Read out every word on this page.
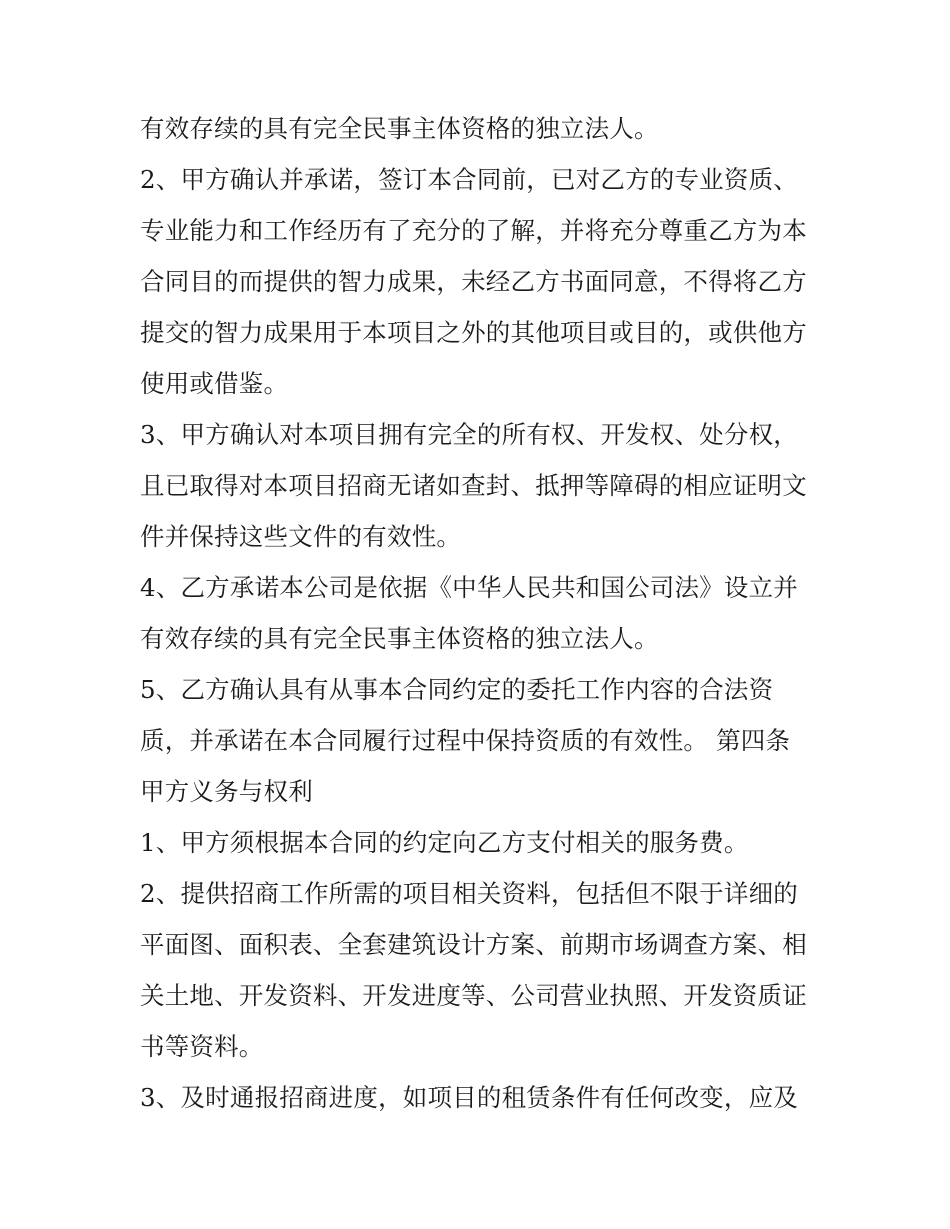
有效存续的具有完全民事主体资格的独立法人。
2、甲方确认并承诺，签订本合同前，已对乙方的专业资质、
专业能力和工作经历有了充分的了解，并将充分尊重乙方为本
合同目的而提供的智力成果，未经乙方书面同意，不得将乙方
提交的智力成果用于本项目之外的其他项目或目的，或供他方
使用或借鉴。
3、甲方确认对本项目拥有完全的所有权、开发权、处分权，
且已取得对本项目招商无诸如查封、抵押等障碍的相应证明文
件并保持这些文件的有效性。
4、乙方承诺本公司是依据《中华人民共和国公司法》设立并
有效存续的具有完全民事主体资格的独立法人。
5、乙方确认具有从事本合同约定的委托工作内容的合法资
质，并承诺在本合同履行过程中保持资质的有效性。 第四条
甲方义务与权利
1、甲方须根据本合同的约定向乙方支付相关的服务费。
2、提供招商工作所需的项目相关资料，包括但不限于详细的
平面图、面积表、全套建筑设计方案、前期市场调查方案、相
关土地、开发资料、开发进度等、公司营业执照、开发资质证
书等资料。
3、及时通报招商进度，如项目的租赁条件有任何改变，应及
